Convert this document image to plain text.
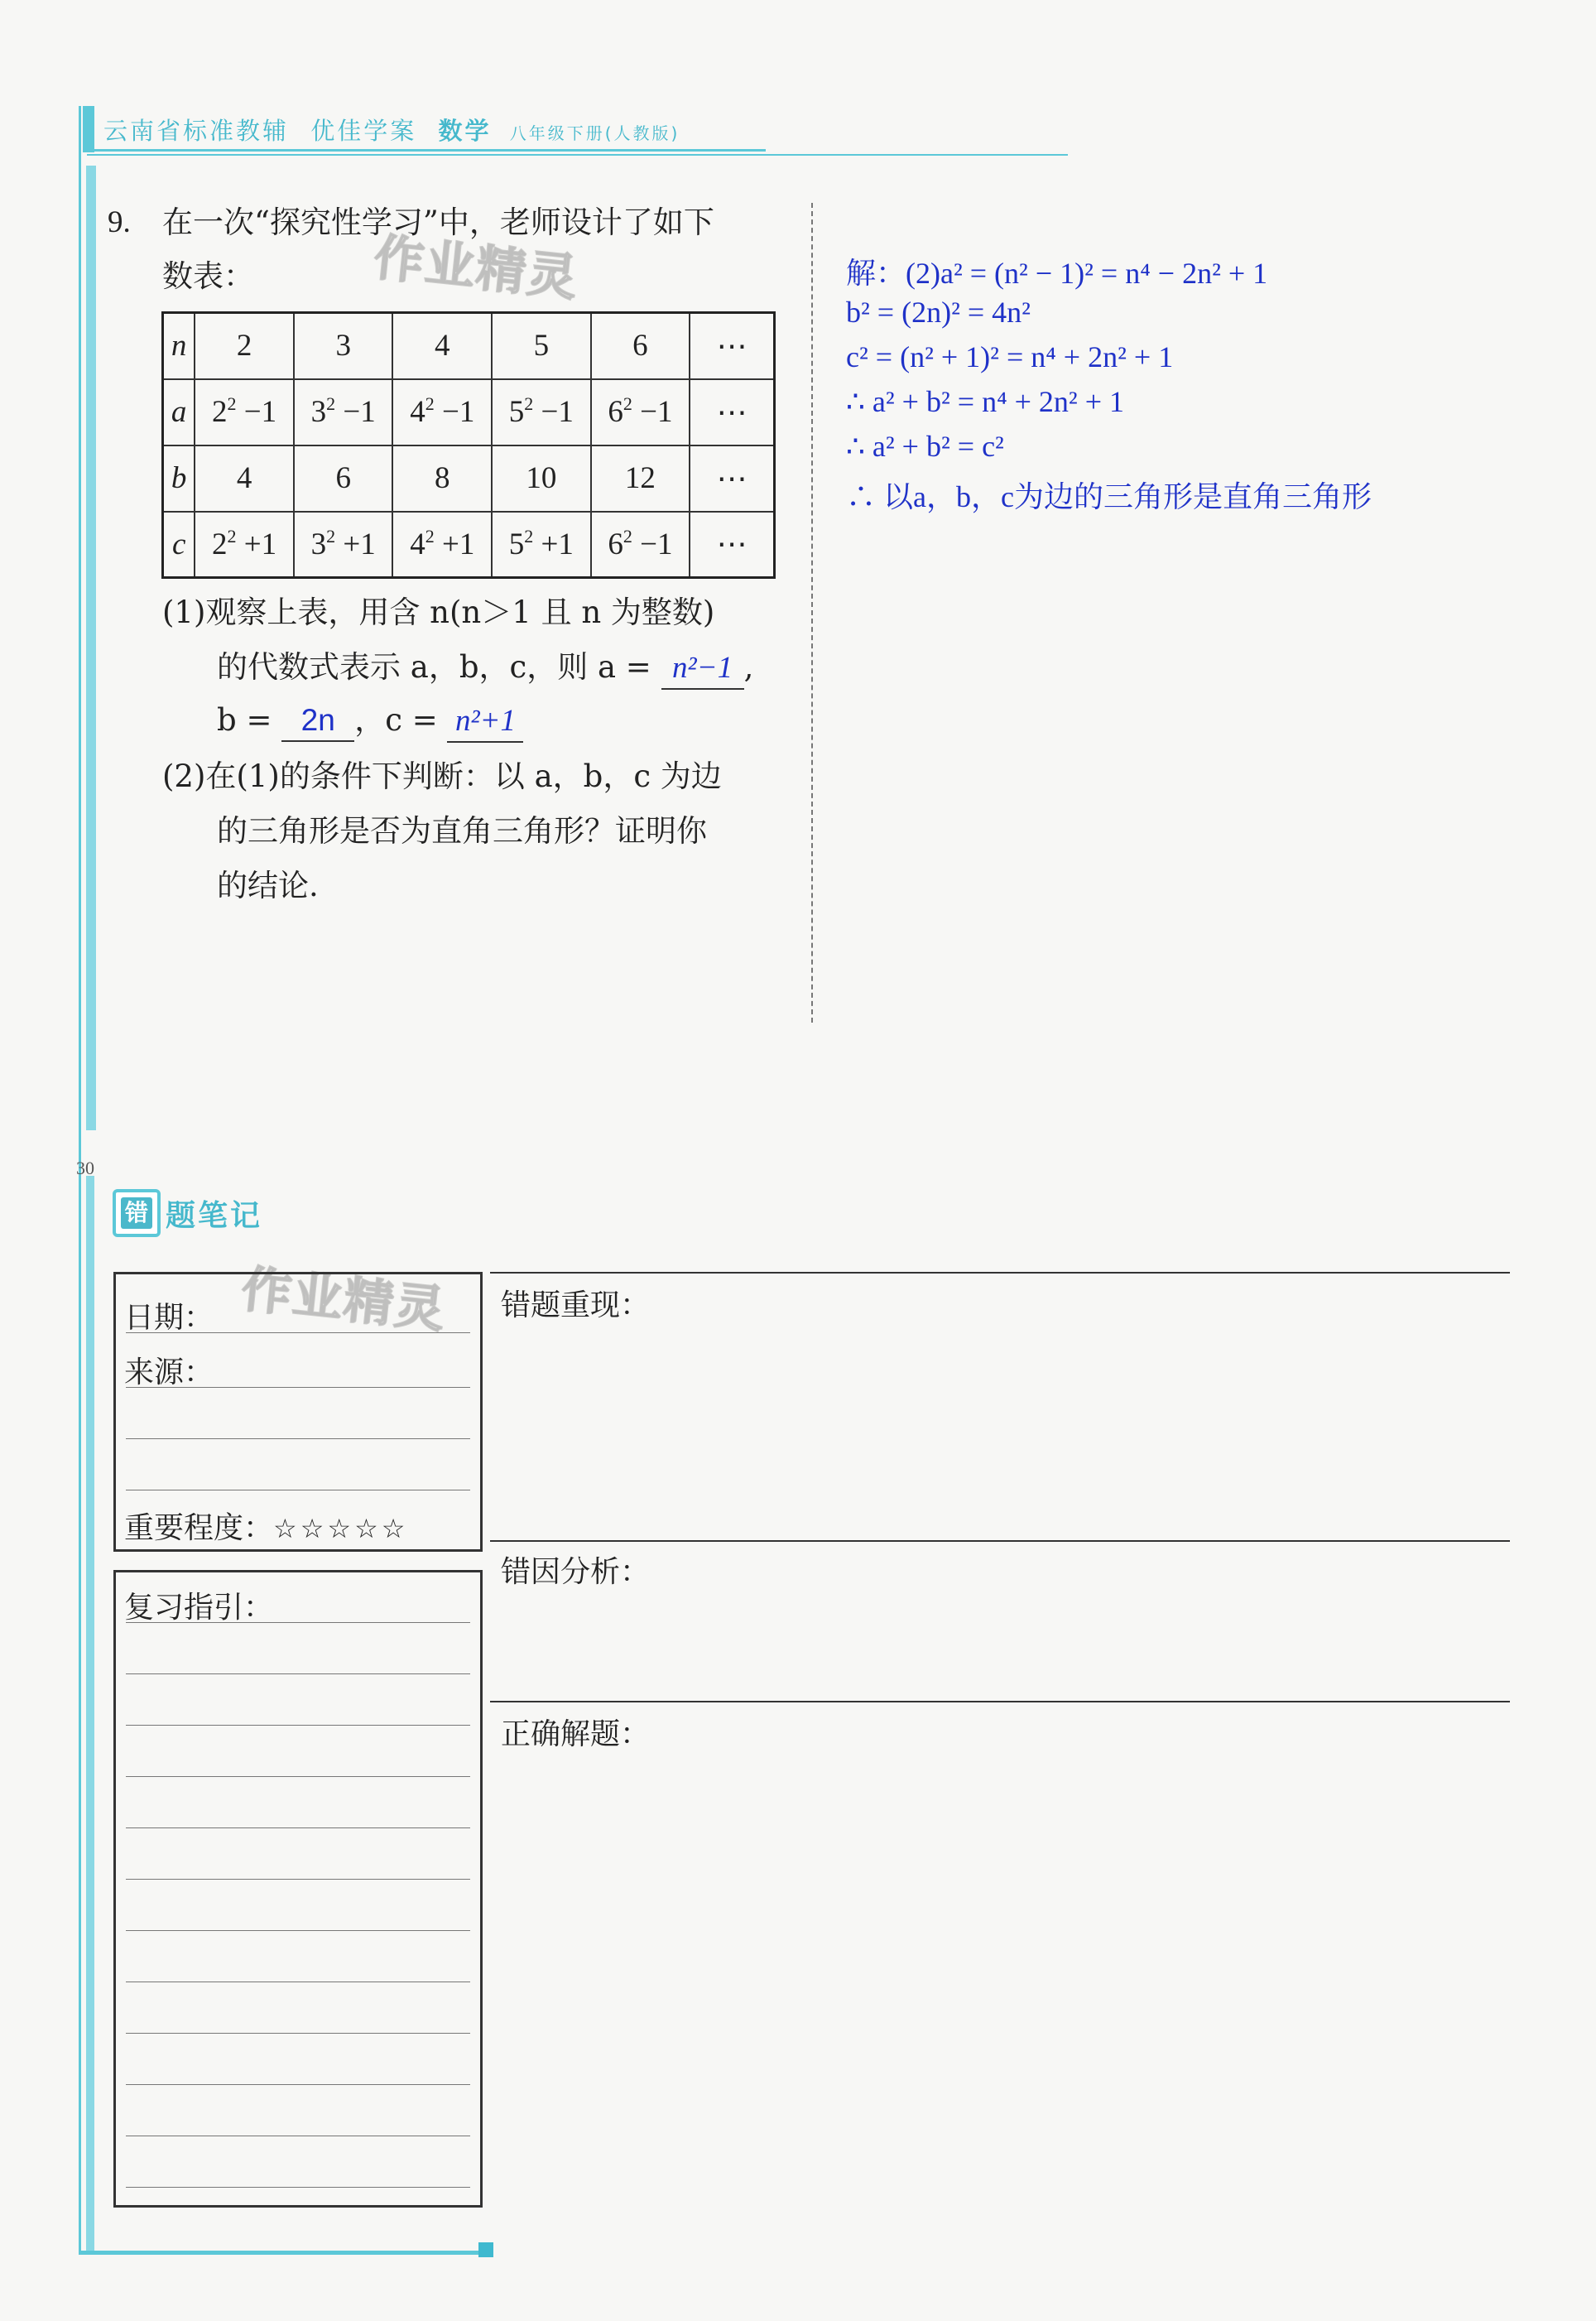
云南省标准教辅 优佳学案 数学 八年级下册(人教版)
9. 在一次“探究性学习”中，老师设计了如下
数表：
n	2	3	4	5	6	⋯
a	$2^2 -1$	$3^2 -1$	$4^2 -1$	$5^2 -1$	$6^2 -1$	⋯
b	4	6	8	10	12	⋯
c	$2^2 +1$	$3^2 +1$	$4^2 +1$	$5^2 +1$	$6^2 -1$	⋯
(1)观察上表，用含 n(n＞1 且 n 为整数)
的代数式表示 a，b，c，则 a = n²−1 ,
b = 2n ，c = n²+1
(2)在(1)的条件下判断：以 a，b，c 为边
的三角形是否为直角三角形？证明你
的结论.
解：(2)a² = (n² − 1)² = n⁴ − 2n² + 1
b² = (2n)² = 4n²
c² = (n² + 1)² = n⁴ + 2n² + 1
∴ a² + b² = n⁴ + 2n² + 1
∴ a² + b² = c²
∴ 以a，b，c为边的三角形是直角三角形
作业精灵
作业精灵
30
错 题笔记
日期：
来源：
重要程度：☆☆☆☆☆
复习指引：
错题重现：
错因分析：
正确解题：
